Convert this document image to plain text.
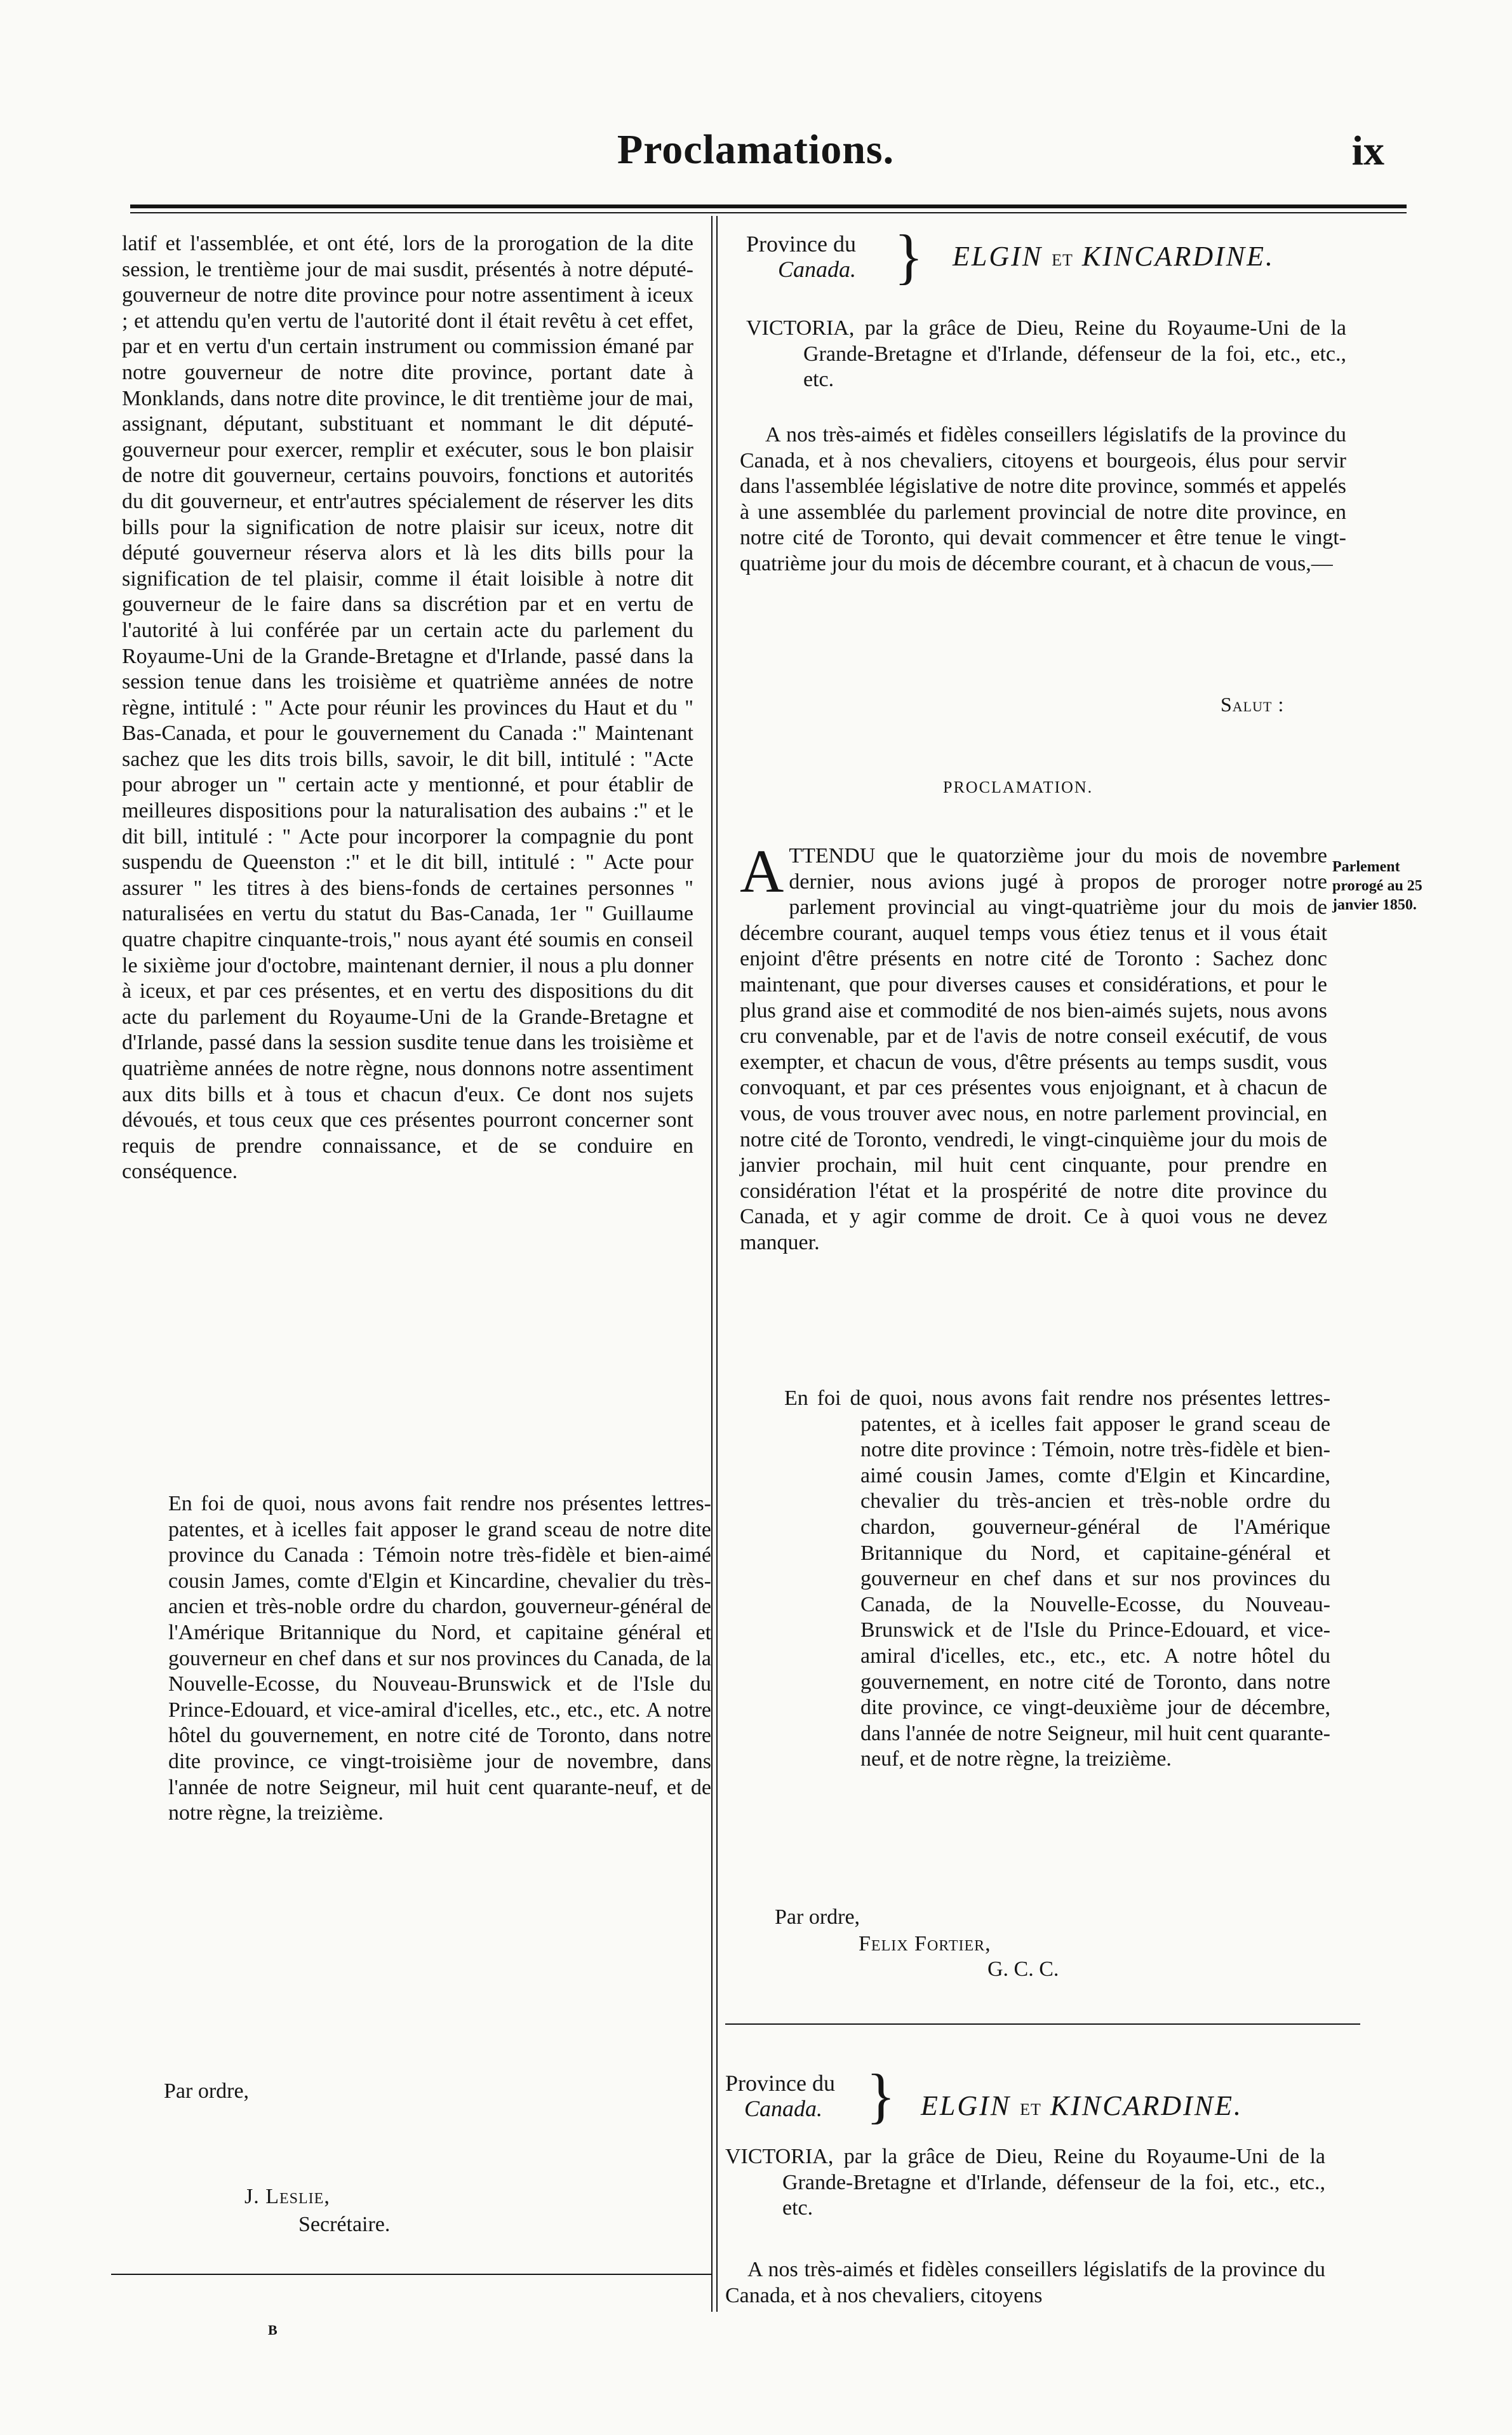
Proclamations.	ix

latif et l'assemblée, et ont été, lors de la prorogation de la dite session, le trentième jour de mai susdit, présentés à notre député-gouverneur de notre dite province pour notre assentiment à iceux ; et attendu qu'en vertu de l'autorité dont il était revêtu à cet effet, par et en vertu d'un certain instrument ou commission émané par notre gouverneur de notre dite province, portant date à Monklands, dans notre dite province, le dit trentième jour de mai, assignant, députant, substituant et nommant le dit député-gouverneur pour exercer, remplir et exécuter, sous le bon plaisir de notre dit gouverneur, certains pouvoirs, fonctions et autorités du dit gouverneur, et entr'autres spécialement de réserver les dits bills pour la signification de notre plaisir sur iceux, notre dit député gouverneur réserva alors et là les dits bills pour la signification de tel plaisir, comme il était loisible à notre dit gouverneur de le faire dans sa discrétion par et en vertu de l'autorité à lui conférée par un certain acte du parlement du Royaume-Uni de la Grande-Bretagne et d'Irlande, passé dans la session tenue dans les troisième et quatrième années de notre règne, intitulé : " Acte pour réunir les provinces du Haut et du " Bas-Canada, et pour le gouvernement du Canada :" Maintenant sachez que les dits trois bills, savoir, le dit bill, intitulé : "Acte pour abroger un " certain acte y mentionné, et pour établir de meilleures dispositions pour la naturalisation des aubains :" et le dit bill, intitulé : " Acte pour incorporer la compagnie du pont suspendu de Queenston :" et le dit bill, intitulé : " Acte pour assurer " les titres à des biens-fonds de certaines personnes " naturalisées en vertu du statut du Bas-Canada, 1er " Guillaume quatre chapitre cinquante-trois," nous ayant été soumis en conseil le sixième jour d'octobre, maintenant dernier, il nous a plu donner à iceux, et par ces présentes, et en vertu des dispositions du dit acte du parlement du Royaume-Uni de la Grande-Bretagne et d'Irlande, passé dans la session susdite tenue dans les troisième et quatrième années de notre règne, nous donnons notre assentiment aux dits bills et à tous et chacun d'eux. Ce dont nos sujets dévoués, et tous ceux que ces présentes pourront concerner sont requis de prendre connaissance, et de se conduire en conséquence.

En foi de quoi, nous avons fait rendre nos présentes lettres-patentes, et à icelles fait apposer le grand sceau de notre dite province du Canada : Témoin notre très-fidèle et bien-aimé cousin James, comte d'Elgin et Kincardine, chevalier du très-ancien et très-noble ordre du chardon, gouverneur-général de l'Amérique Britannique du Nord, et capitaine général et gouverneur en chef dans et sur nos provinces du Canada, de la Nouvelle-Ecosse, du Nouveau-Brunswick et de l'Isle du Prince-Edouard, et vice-amiral d'icelles, etc., etc., etc. A notre hôtel du gouvernement, en notre cité de Toronto, dans notre dite province, ce vingt-troisième jour de novembre, dans l'année de notre Seigneur, mil huit cent quarante-neuf, et de notre règne, la treizième.

Par ordre,
J. Leslie,
Secrétaire.
B
Province du
Canada. } ELGIN ET KINCARDINE.

VICTORIA, par la grâce de Dieu, Reine du Royaume-Uni de la Grande-Bretagne et d'Irlande, défenseur de la foi, etc., etc., etc.

A nos très-aimés et fidèles conseillers législatifs de la province du Canada, et à nos chevaliers, citoyens et bourgeois, élus pour servir dans l'assemblée législative de notre dite province, sommés et appelés à une assemblée du parlement provincial de notre dite province, en notre cité de Toronto, qui devait commencer et être tenue le vingt-quatrième jour du mois de décembre courant, et à chacun de vous,—

Salut :
PROCLAMATION.

ATTENDU que le quatorzième jour du mois de novembre dernier, nous avions jugé à propos de proroger notre parlement provincial au vingt-quatrième jour du mois de décembre courant, auquel temps vous étiez tenus et il vous était enjoint d'être présents en notre cité de Toronto : Sachez donc maintenant, que pour diverses causes et considérations, et pour le plus grand aise et commodité de nos bien-aimés sujets, nous avons cru convenable, par et de l'avis de notre conseil exécutif, de vous exempter, et chacun de vous, d'être présents au temps susdit, vous convoquant, et par ces présentes vous enjoignant, et à chacun de vous, de vous trouver avec nous, en notre parlement provincial, en notre cité de Toronto, vendredi, le vingt-cinquième jour du mois de janvier prochain, mil huit cent cinquante, pour prendre en considération l'état et la prospérité de notre dite province du Canada, et y agir comme de droit. Ce à quoi vous ne devez manquer.

Parlement prorogé au 25 janvier 1850.

En foi de quoi, nous avons fait rendre nos présentes lettres-patentes, et à icelles fait apposer le grand sceau de notre dite province : Témoin, notre très-fidèle et bien-aimé cousin James, comte d'Elgin et Kincardine, chevalier du très-ancien et très-noble ordre du chardon, gouverneur-général de l'Amérique Britannique du Nord, et capitaine-général et gouverneur en chef dans et sur nos provinces du Canada, de la Nouvelle-Ecosse, du Nouveau-Brunswick et de l'Isle du Prince-Edouard, et vice-amiral d'icelles, etc., etc., etc. A notre hôtel du gouvernement, en notre cité de Toronto, dans notre dite province, ce vingt-deuxième jour de décembre, dans l'année de notre Seigneur, mil huit cent quarante-neuf, et de notre règne, la treizième.

Par ordre,
Felix Fortier,
G. C. C.
Province du
Canada. } ELGIN ET KINCARDINE.

VICTORIA, par la grâce de Dieu, Reine du Royaume-Uni de la Grande-Bretagne et d'Irlande, défenseur de la foi, etc., etc., etc.

A nos très-aimés et fidèles conseillers législatifs de la province du Canada, et à nos chevaliers, citoyens
